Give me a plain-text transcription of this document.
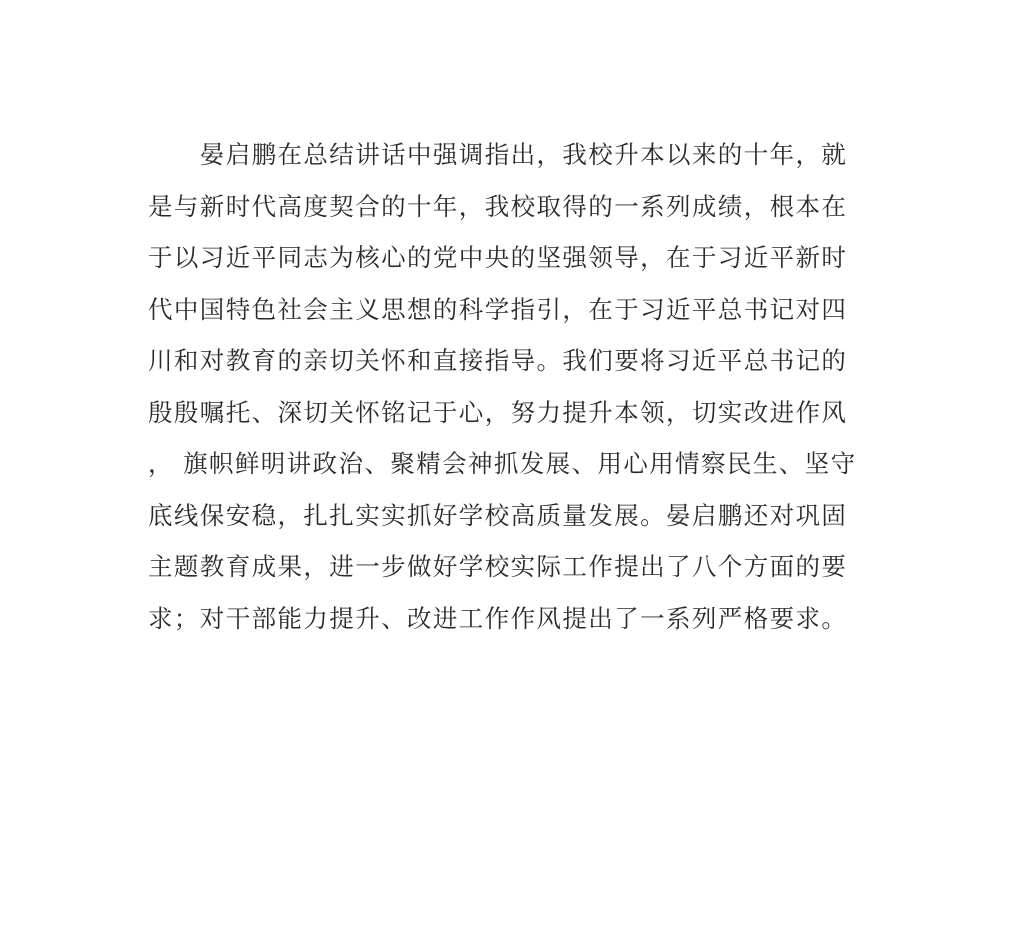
　　晏启鹏在总结讲话中强调指出，我校升本以来的十年，就
是与新时代高度契合的十年，我校取得的一系列成绩，根本在
于以习近平同志为核心的党中央的坚强领导，在于习近平新时
代中国特色社会主义思想的科学指引，在于习近平总书记对四
川和对教育的亲切关怀和直接指导。我们要将习近平总书记的
殷殷嘱托、深切关怀铭记于心，努力提升本领，切实改进作风
， 旗帜鲜明讲政治、聚精会神抓发展、用心用情察民生、坚守
底线保安稳，扎扎实实抓好学校高质量发展。晏启鹏还对巩固
主题教育成果，进一步做好学校实际工作提出了八个方面的要
求；对干部能力提升、改进工作作风提出了一系列严格要求。
